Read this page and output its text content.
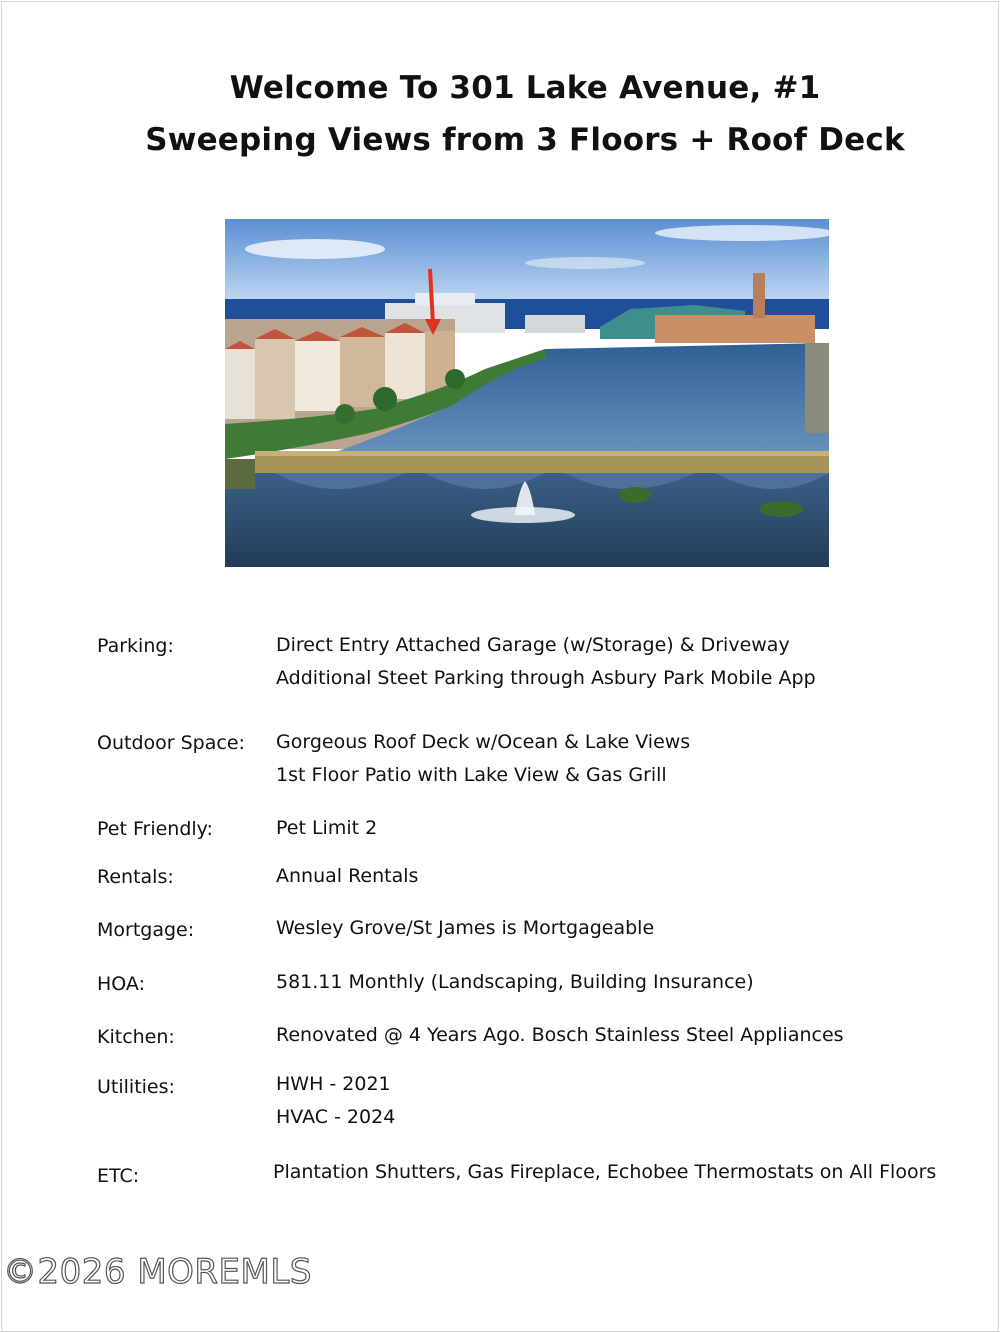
Welcome To 301 Lake Avenue, #1
Sweeping Views from 3 Floors + Roof Deck
Parking:	Direct Entry Attached Garage (w/Storage) & Driveway
Additional Steet Parking through Asbury Park Mobile App
Outdoor Space: Gorgeous Roof Deck w/Ocean & Lake Views
1st Floor Patio with Lake View & Gas Grill
Pet Friendly:	Pet Limit 2
Rentals:	Annual Rentals
Mortgage:	Wesley Grove/St James is Mortgageable
HOA:	581.11 Monthly (Landscaping, Building Insurance)
Kitchen:	Renovated @ 4 Years Ago. Bosch Stainless Steel Appliances
Utilities:	HWH - 2021
HVAC - 2024
ETC:	Plantation Shutters, Gas Fireplace, Echobee Thermostats on All Floors
©2026 MOREMLS
